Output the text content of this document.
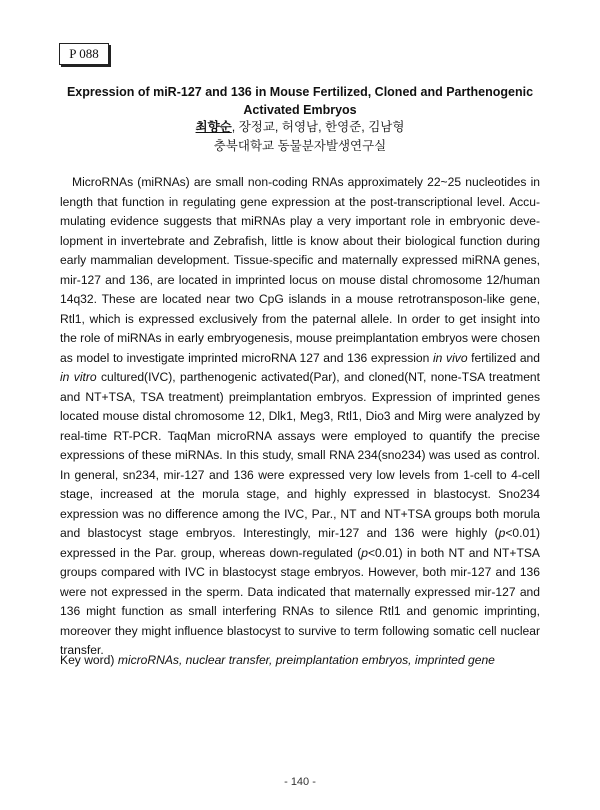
P 088
Expression of miR-127 and 136 in Mouse Fertilized, Cloned and Parthenogenic
Activated Embryos
최향순, 장정교, 허영남, 한영준, 김남형
충북대학교 동물분자발생연구실

MicroRNAs (miRNAs) are small non-coding RNAs approximately 22~25 nucleotides in length that function in regulating gene expression at the post-transcriptional level. Accumulating evidence suggests that miRNAs play a very important role in embryonic development in invertebrate and Zebrafish, little is know about their biological function during early mammalian development. Tissue-specific and maternally expressed miRNA genes, mir-127 and 136, are located in imprinted locus on mouse distal chromosome 12/human 14q32. These are located near two CpG islands in a mouse retrotransposon-like gene, Rtl1, which is expressed exclusively from the paternal allele. In order to get insight into the role of miRNAs in early embryogenesis, mouse preimplantation embryos were chosen as model to investigate imprinted microRNA 127 and 136 expression in vivo fertilized and in vitro cultured(IVC), parthenogenic activated(Par), and cloned(NT, none-TSA treatment and NT+TSA, TSA treatment) preimplantation embryos. Expression of imprinted genes located mouse distal chromosome 12, Dlk1, Meg3, Rtl1, Dio3 and Mirg were analyzed by real-time RT-PCR. TaqMan microRNA assays were employed to quantify the precise expressions of these miRNAs. In this study, small RNA 234(sno234) was used as control. In general, sn234, mir-127 and 136 were expressed very low levels from 1-cell to 4-cell stage, increased at the morula stage, and highly expressed in blastocyst. Sno234 expression was no difference among the IVC, Par., NT and NT+TSA groups both morula and blastocyst stage embryos. Interestingly, mir-127 and 136 were highly (p<0.01) expressed in the Par. group, whereas down-regulated (p<0.01) in both NT and NT+TSA groups compared with IVC in blastocyst stage embryos. However, both mir-127 and 136 were not expressed in the sperm. Data indicated that maternally expressed mir-127 and 136 might function as small interfering RNAs to silence Rtl1 and genomic imprinting, moreover they might influence blastocyst to survive to term following somatic cell nuclear transfer.

Key word) microRNAs, nuclear transfer, preimplantation embryos, imprinted gene
- 140 -
